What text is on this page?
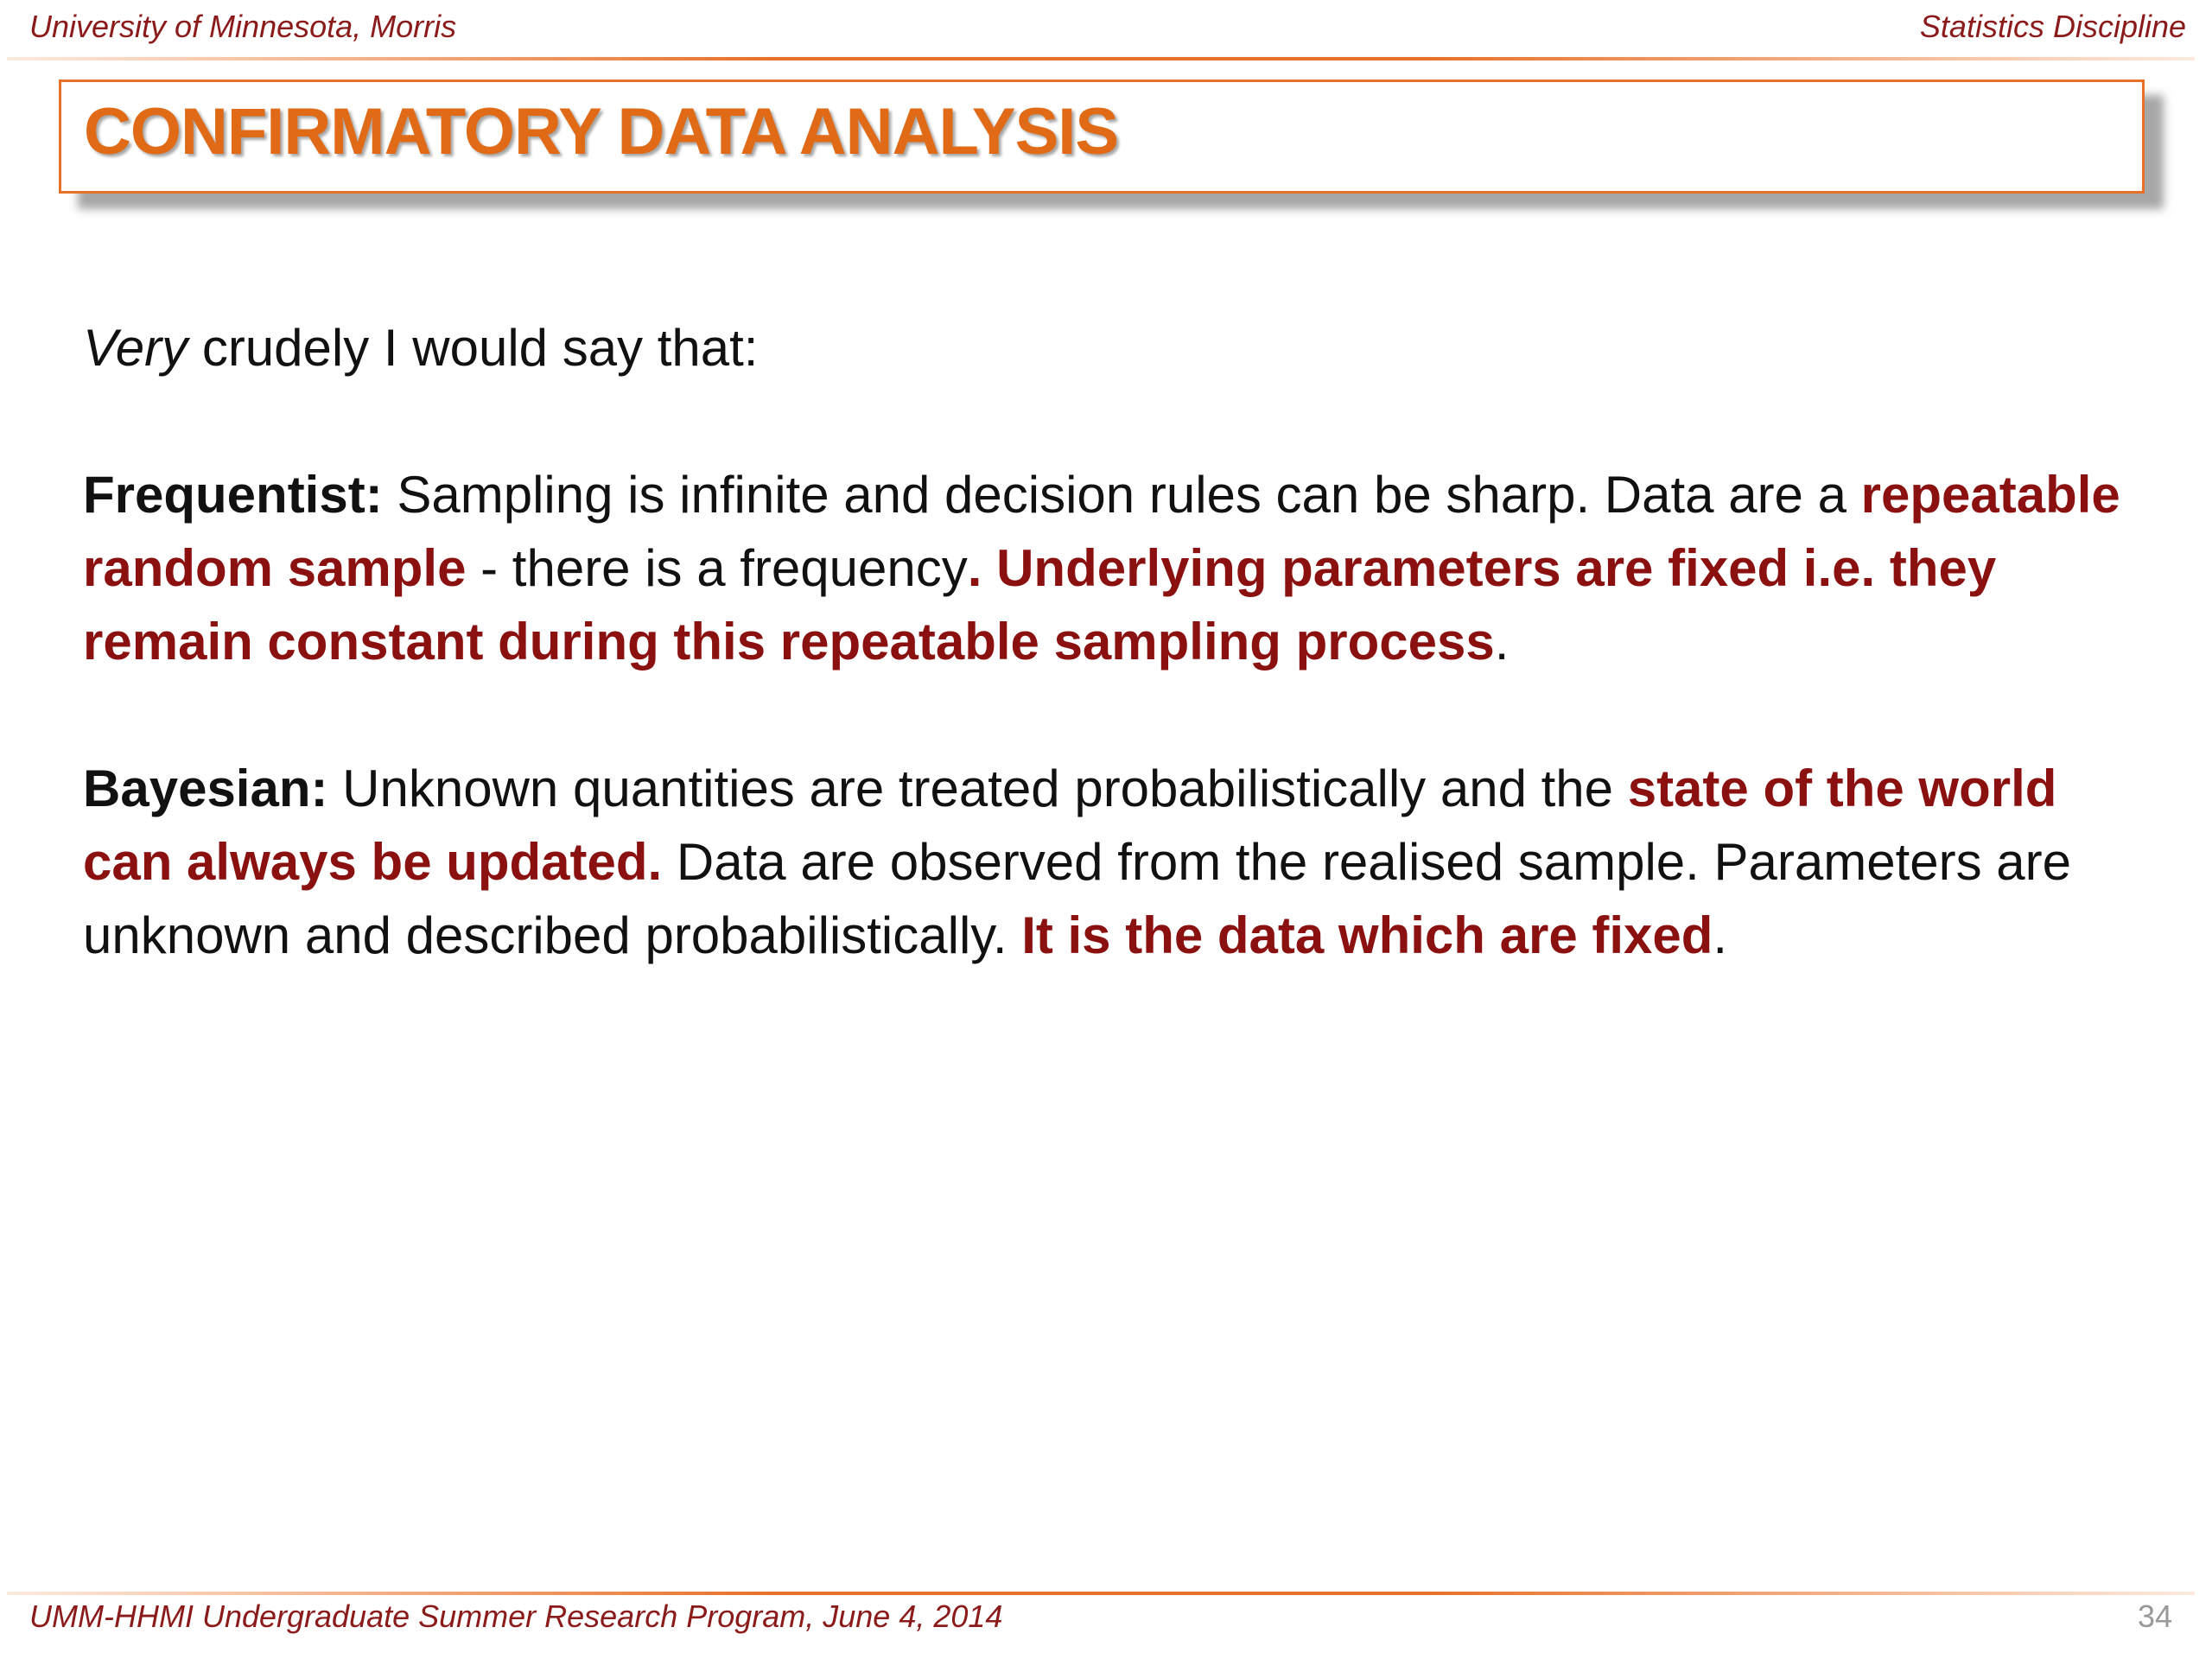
University of Minnesota, Morris	Statistics Discipline
CONFIRMATORY DATA ANALYSIS

Very crudely I would say that:

Frequentist: Sampling is infinite and decision rules can be sharp. Data are a repeatable random sample - there is a frequency. Underlying parameters are fixed i.e. they remain constant during this repeatable sampling process.

Bayesian: Unknown quantities are treated probabilistically and the state of the world can always be updated. Data are observed from the realised sample. Parameters are unknown and described probabilistically. It is the data which are fixed.

UMM-HHMI Undergraduate Summer Research Program, June 4, 2014	34
